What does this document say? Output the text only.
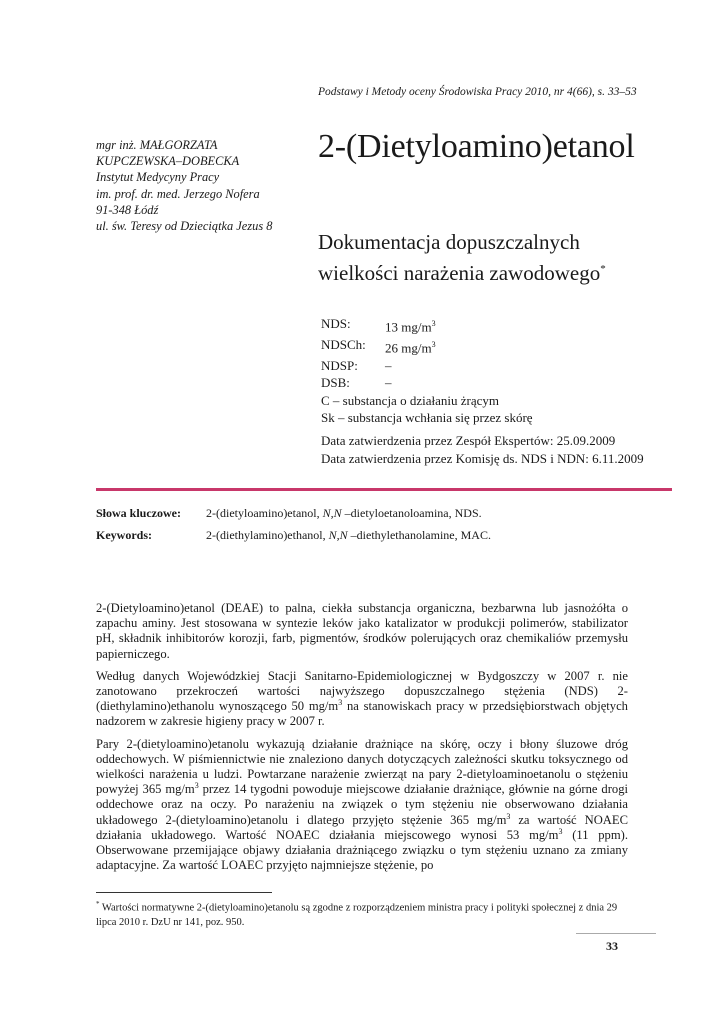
Podstawy i Metody oceny Środowiska Pracy 2010, nr 4(66), s. 33–53
mgr inż. MAŁGORZATA
KUPCZEWSKA–DOBECKA
Instytut Medycyny Pracy
im. prof. dr. med. Jerzego Nofera
91-348 Łódź
ul. św. Teresy od Dzieciątka Jezus 8
2-(Dietyloamino)etanol
Dokumentacja dopuszczalnych
wielkości narażenia zawodowego*
NDS:	13 $mg/m^3$
NDSCh:	26 $mg/m^3$
NDSP:	–
DSB:	–
C – substancja o działaniu żrącym
Sk – substancja wchłania się przez skórę
Data zatwierdzenia przez Zespół Ekspertów: 25.09.2009
Data zatwierdzenia przez Komisję ds. NDS i NDN: 6.11.2009
Słowa kluczowe: 2-(dietyloamino)etanol, N,N –dietyloetanoloamina, NDS.
Keywords:	2-(diethylamino)ethanol, N,N –diethylethanolamine, MAC.

2-(Dietyloamino)etanol (DEAE) to palna, ciekła substancja organiczna, bezbarwna lub jasnożółta o zapachu aminy. Jest stosowana w syntezie leków jako katalizator w produkcji polimerów, stabilizator pH, składnik inhibitorów korozji, farb, pigmentów, środków polerujących oraz chemikaliów przemysłu papierniczego.

Według danych Wojewódzkiej Stacji Sanitarno-Epidemiologicznej w Bydgoszczy w 2007 r. nie zanotowano przekroczeń wartości najwyższego dopuszczalnego stężenia (NDS) 2-(diethylamino)ethanolu wynoszącego 50 $mg/m^3$ na stanowiskach pracy w przedsiębiorstwach objętych nadzorem w zakresie higieny pracy w 2007 r.

Pary 2-(dietyloamino)etanolu wykazują działanie drażniące na skórę, oczy i błony śluzowe dróg oddechowych. W piśmiennictwie nie znaleziono danych dotyczących zależności skutku toksycznego od wielkości narażenia u ludzi. Powtarzane narażenie zwierząt na pary 2-dietyloaminoetanolu o stężeniu powyżej 365 $mg/m^3$ przez 14 tygodni powoduje miejscowe działanie drażniące, głównie na górne drogi oddechowe oraz na oczy. Po narażeniu na związek o tym stężeniu nie obserwowano działania układowego 2-(dietyloamino)etanolu i dlatego przyjęto stężenie 365 $mg/m^3$ za wartość NOAEC działania układowego. Wartość NOAEC działania miejscowego wynosi 53 $mg/m^3$ (11 ppm). Obserwowane przemijające objawy działania drażniącego związku o tym stężeniu uznano za zmiany adaptacyjne. Za wartość LOAEC przyjęto najmniejsze stężenie, po

* Wartości normatywne 2-(dietyloamino)etanolu są zgodne z rozporządzeniem ministra pracy i polityki społecznej z dnia 29 lipca 2010 r. DzU nr 141, poz. 950.
33
